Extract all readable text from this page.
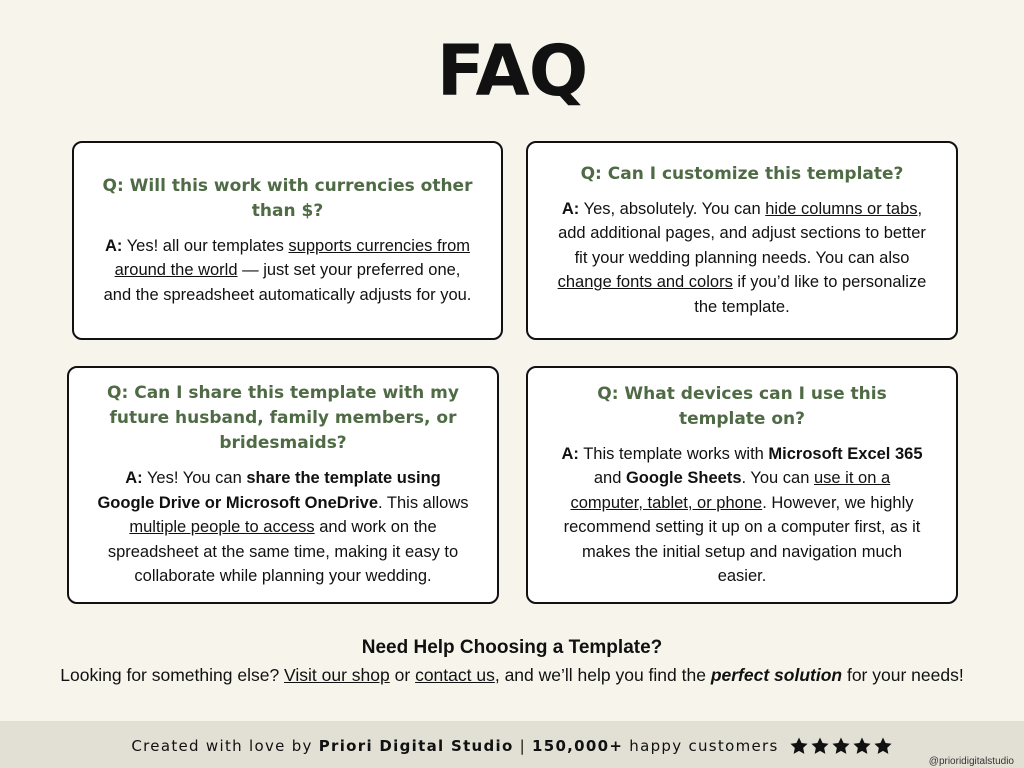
FAQ
Q: Will this work with currencies other than $?
A: Yes! all our templates supports currencies from around the world — just set your preferred one, and the spreadsheet automatically adjusts for you.
Q: Can I customize this template?
A: Yes, absolutely. You can hide columns or tabs, add additional pages, and adjust sections to better fit your wedding planning needs. You can also change fonts and colors if you’d like to personalize the template.
Q: Can I share this template with my future husband, family members, or bridesmaids?
A: Yes! You can share the template using Google Drive or Microsoft OneDrive. This allows multiple people to access and work on the spreadsheet at the same time, making it easy to collaborate while planning your wedding.
Q: What devices can I use this template on?
A: This template works with Microsoft Excel 365 and Google Sheets. You can use it on a computer, tablet, or phone. However, we highly recommend setting it up on a computer first, as it makes the initial setup and navigation much easier.
Need Help Choosing a Template?
Looking for something else? Visit our shop or contact us, and we’ll help you find the perfect solution for your needs!
Created with love by Priori Digital Studio | 150,000+ happy customers
@prioridigitalstudio
